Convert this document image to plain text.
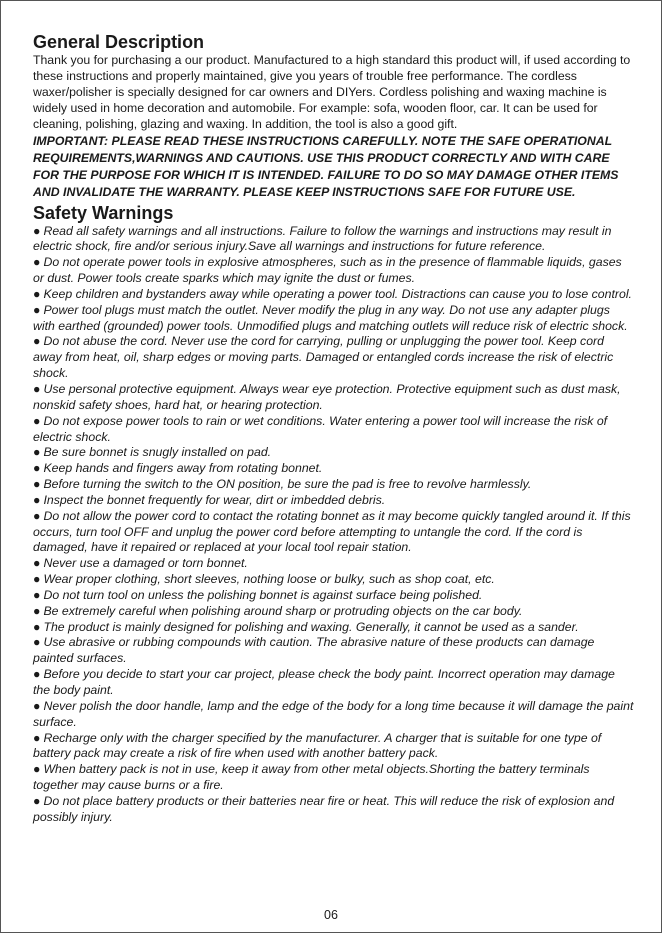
General Description

Thank you for purchasing a our product. Manufactured to a high standard this product will, if used according to these instructions and properly maintained, give you years of trouble free performance. The cordless waxer/polisher is specially designed for car owners and DIYers. Cordless polishing and waxing machine is widely used in home decoration and automobile. For example: sofa, wooden floor, car. It can be used for cleaning, polishing, glazing and waxing. In addition, the tool is also a good gift.

IMPORTANT: PLEASE READ THESE INSTRUCTIONS CAREFULLY. NOTE THE SAFE OPERATIONAL REQUIREMENTS,WARNINGS AND CAUTIONS. USE THIS PRODUCT CORRECTLY AND WITH CARE FOR THE PURPOSE FOR WHICH IT IS INTENDED. FAILURE TO DO SO MAY DAMAGE OTHER ITEMS AND INVALIDATE THE WARRANTY. PLEASE KEEP INSTRUCTIONS SAFE FOR FUTURE USE.

Safety Warnings
● Read all safety warnings and all instructions. Failure to follow the warnings and instructions may result in electric shock, fire and/or serious injury.Save all warnings and instructions for future reference.
● Do not operate power tools in explosive atmospheres, such as in the presence of flammable liquids, gases or dust. Power tools create sparks which may ignite the dust or fumes.
● Keep children and bystanders away while operating a power tool. Distractions can cause you to lose control.
● Power tool plugs must match the outlet. Never modify the plug in any way. Do not use any adapter plugs with earthed (grounded) power tools. Unmodified plugs and matching outlets will reduce risk of electric shock.
● Do not abuse the cord. Never use the cord for carrying, pulling or unplugging the power tool. Keep cord away from heat, oil, sharp edges or moving parts. Damaged or entangled cords increase the risk of electric shock.
● Use personal protective equipment. Always wear eye protection. Protective equipment such as dust mask, nonskid safety shoes, hard hat, or hearing protection.
● Do not expose power tools to rain or wet conditions. Water entering a power tool will increase the risk of electric shock.
● Be sure bonnet is snugly installed on pad.
● Keep hands and fingers away from rotating bonnet.
● Before turning the switch to the ON position, be sure the pad is free to revolve harmlessly.
● Inspect the bonnet frequently for wear, dirt or imbedded debris.
● Do not allow the power cord to contact the rotating bonnet as it may become quickly tangled around it. If this occurs, turn tool OFF and unplug the power cord before attempting to untangle the cord. If the cord is damaged, have it repaired or replaced at your local tool repair station.
● Never use a damaged or torn bonnet.
● Wear proper clothing, short sleeves, nothing loose or bulky, such as shop coat, etc.
● Do not turn tool on unless the polishing bonnet is against surface being polished.
● Be extremely careful when polishing around sharp or protruding objects on the car body.
● The product is mainly designed for polishing and waxing. Generally, it cannot be used as a sander.
● Use abrasive or rubbing compounds with caution. The abrasive nature of these products can damage painted surfaces.
● Before you decide to start your car project, please check the body paint. Incorrect operation may damage the body paint.
● Never polish the door handle, lamp and the edge of the body for a long time because it will damage the paint surface.
● Recharge only with the charger specified by the manufacturer. A charger that is suitable for one type of battery pack may create a risk of fire when used with another battery pack.
● When battery pack is not in use, keep it away from other metal objects.Shorting the battery terminals together may cause burns or a fire.
● Do not place battery products or their batteries near fire or heat. This will reduce the risk of explosion and possibly injury.
06
